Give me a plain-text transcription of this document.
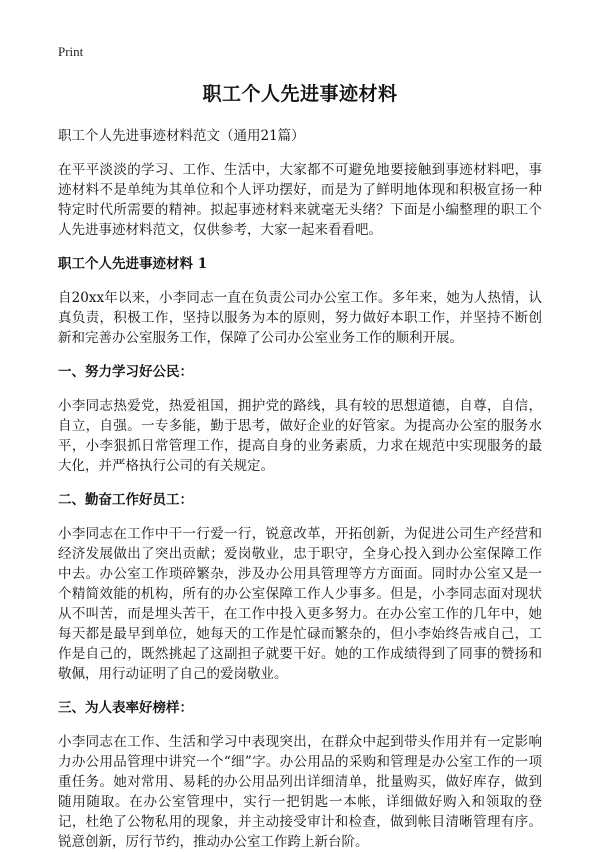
Print
职工个人先进事迹材料
职工个人先进事迹材料范文（通用21篇）

在平平淡淡的学习、工作、生活中，大家都不可避免地要接触到事迹材料吧，事迹材料不是单纯为其单位和个人评功摆好，而是为了鲜明地体现和积极宣扬一种特定时代所需要的精神。拟起事迹材料来就毫无头绪？下面是小编整理的职工个人先进事迹材料范文，仅供参考，大家一起来看看吧。

职工个人先进事迹材料 1

自20xx年以来，小李同志一直在负责公司办公室工作。多年来，她为人热情，认真负责，积极工作，坚持以服务为本的原则，努力做好本职工作，并坚持不断创新和完善办公室服务工作，保障了公司办公室业务工作的顺利开展。

一、努力学习好公民：

小李同志热爱党，热爱祖国，拥护党的路线，具有较的思想道德，自尊，自信，自立，自强。一专多能，勤于思考，做好企业的好管家。为提高办公室的服务水平，小李狠抓日常管理工作，提高自身的业务素质，力求在规范中实现服务的最大化，并严格执行公司的有关规定。

二、勤奋工作好员工：

小李同志在工作中干一行爱一行，锐意改革，开拓创新，为促进公司生产经营和经济发展做出了突出贡献；爱岗敬业，忠于职守，全身心投入到办公室保障工作中去。办公室工作琐碎繁杂，涉及办公用具管理等方方面面。同时办公室又是一个精简效能的机构，所有的办公室保障工作人少事多。但是，小李同志面对现状从不叫苦，而是埋头苦干，在工作中投入更多努力。在办公室工作的几年中，她每天都是最早到单位，她每天的工作是忙碌而繁杂的，但小李始终告戒自己，工作是自己的，既然挑起了这副担子就要干好。她的工作成绩得到了同事的赞扬和敬佩，用行动证明了自己的爱岗敬业。

三、为人表率好榜样：

小李同志在工作、生活和学习中表现突出，在群众中起到带头作用并有一定影响力办公用品管理中讲究一个“细”字。办公用品的采购和管理是办公室工作的一项重任务。她对常用、易耗的办公用品列出详细清单，批量购买，做好库存，做到随用随取。在办公室管理中，实行一把钥匙一本帐，详细做好购入和领取的登记，杜绝了公物私用的现象，并主动接受审计和检查，做到帐目清晰管理有序。锐意创新，厉行节约，推动办公室工作跨上新台阶。
